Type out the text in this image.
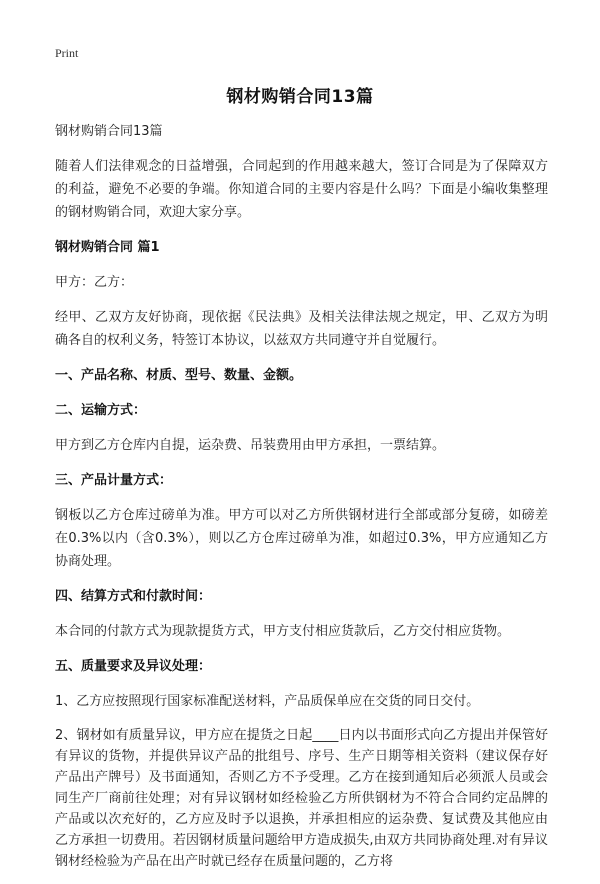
Print
钢材购销合同13篇

钢材购销合同13篇

随着人们法律观念的日益增强，合同起到的作用越来越大，签订合同是为了保障双方的利益，避免不必要的争端。你知道合同的主要内容是什么吗？下面是小编收集整理的钢材购销合同，欢迎大家分享。

钢材购销合同 篇1

甲方：乙方：

经甲、乙双方友好协商，现依据《民法典》及相关法律法规之规定，甲、乙双方为明确各自的权利义务，特签订本协议，以兹双方共同遵守并自觉履行。

一、产品名称、材质、型号、数量、金额。

二、运输方式：

甲方到乙方仓库内自提，运杂费、吊装费用由甲方承担，一票结算。

三、产品计量方式：

钢板以乙方仓库过磅单为准。甲方可以对乙方所供钢材进行全部或部分复磅，如磅差在0.3%以内（含0.3%），则以乙方仓库过磅单为准，如超过0.3%，甲方应通知乙方协商处理。

四、结算方式和付款时间：

本合同的付款方式为现款提货方式，甲方支付相应货款后，乙方交付相应货物。

五、质量要求及异议处理：

1、乙方应按照现行国家标准配送材料，产品质保单应在交货的同日交付。

2、钢材如有质量异议，甲方应在提货之日起____日内以书面形式向乙方提出并保管好有异议的货物，并提供异议产品的批组号、序号、生产日期等相关资料（建议保存好产品出产牌号）及书面通知，否则乙方不予受理。乙方在接到通知后必须派人员或会同生产厂商前往处理；对有异议钢材如经检验乙方所供钢材为不符合合同约定品牌的产品或以次充好的，乙方应及时予以退换，并承担相应的运杂费、复试费及其他应由乙方承担一切费用。若因钢材质量问题给甲方造成损失,由双方共同协商处理.对有异议钢材经检验为产品在出产时就已经存在质量问题的，乙方将
